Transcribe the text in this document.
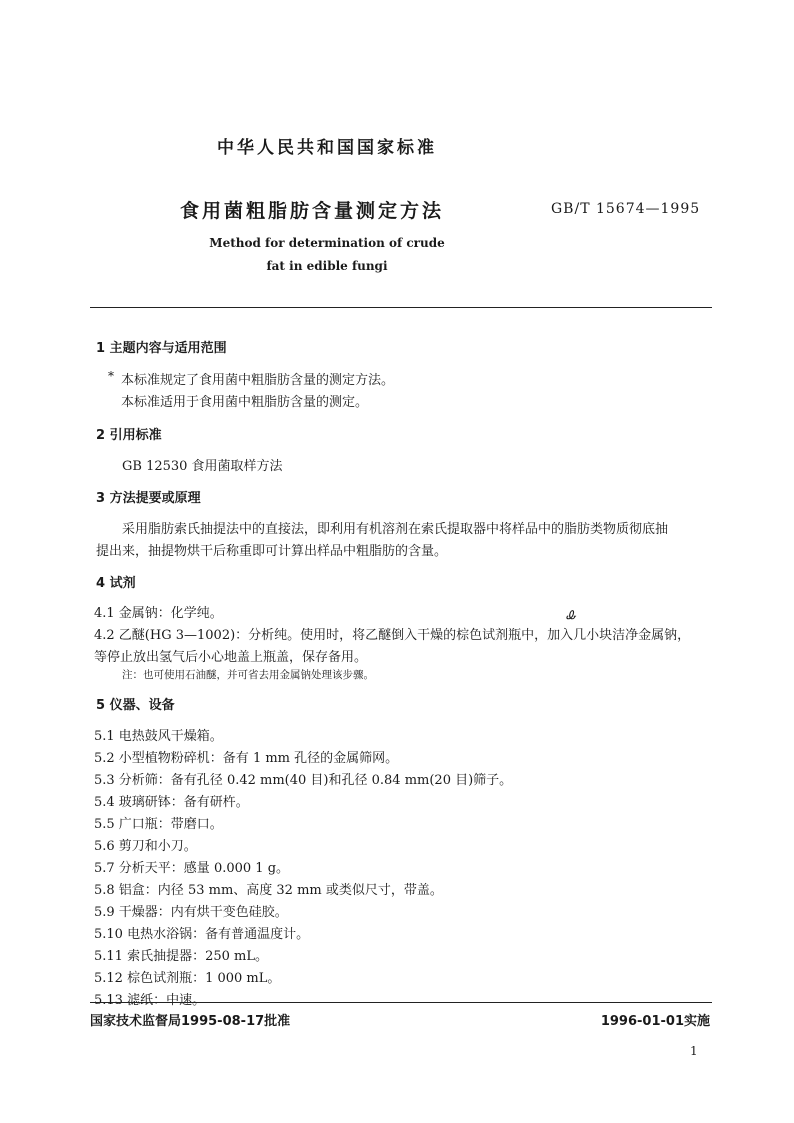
中华人民共和国国家标准
食用菌粗脂肪含量测定方法	GB/T 15674—1995
Method for determination of crude
fat in edible fungi
1 主题内容与适用范围
* 本标准规定了食用菌中粗脂肪含量的测定方法。
本标准适用于食用菌中粗脂肪含量的测定。
2 引用标准
GB 12530 食用菌取样方法
3 方法提要或原理
采用脂肪索氏抽提法中的直接法，即利用有机溶剂在索氏提取器中将样品中的脂肪类物质彻底抽
提出来，抽提物烘干后称重即可计算出样品中粗脂肪的含量。
4 试剂
4.1 金属钠：化学纯。	Ꮂ
4.2 乙醚(HG 3—1002)：分析纯。使用时，将乙醚倒入干燥的棕色试剂瓶中，加入几小块洁净金属钠，
等停止放出氢气后小心地盖上瓶盖，保存备用。
注：也可使用石油醚，并可省去用金属钠处理该步骤。
5 仪器、设备
5.1 电热鼓风干燥箱。
5.2 小型植物粉碎机：备有 1 mm 孔径的金属筛网。
5.3 分析筛：备有孔径 0.42 mm(40 目)和孔径 0.84 mm(20 目)筛子。
5.4 玻璃研钵：备有研杵。
5.5 广口瓶：带磨口。
5.6 剪刀和小刀。
5.7 分析天平：感量 0.000 1 g。
5.8 铝盒：内径 53 mm、高度 32 mm 或类似尺寸，带盖。
5.9 干燥器：内有烘干变色硅胶。
5.10 电热水浴锅：备有普通温度计。
5.11 索氏抽提器：250 mL。
5.12 棕色试剂瓶：1 000 mL。
5.13 滤纸：中速。
国家技术监督局1995-08-17批准	1996-01-01实施
1
